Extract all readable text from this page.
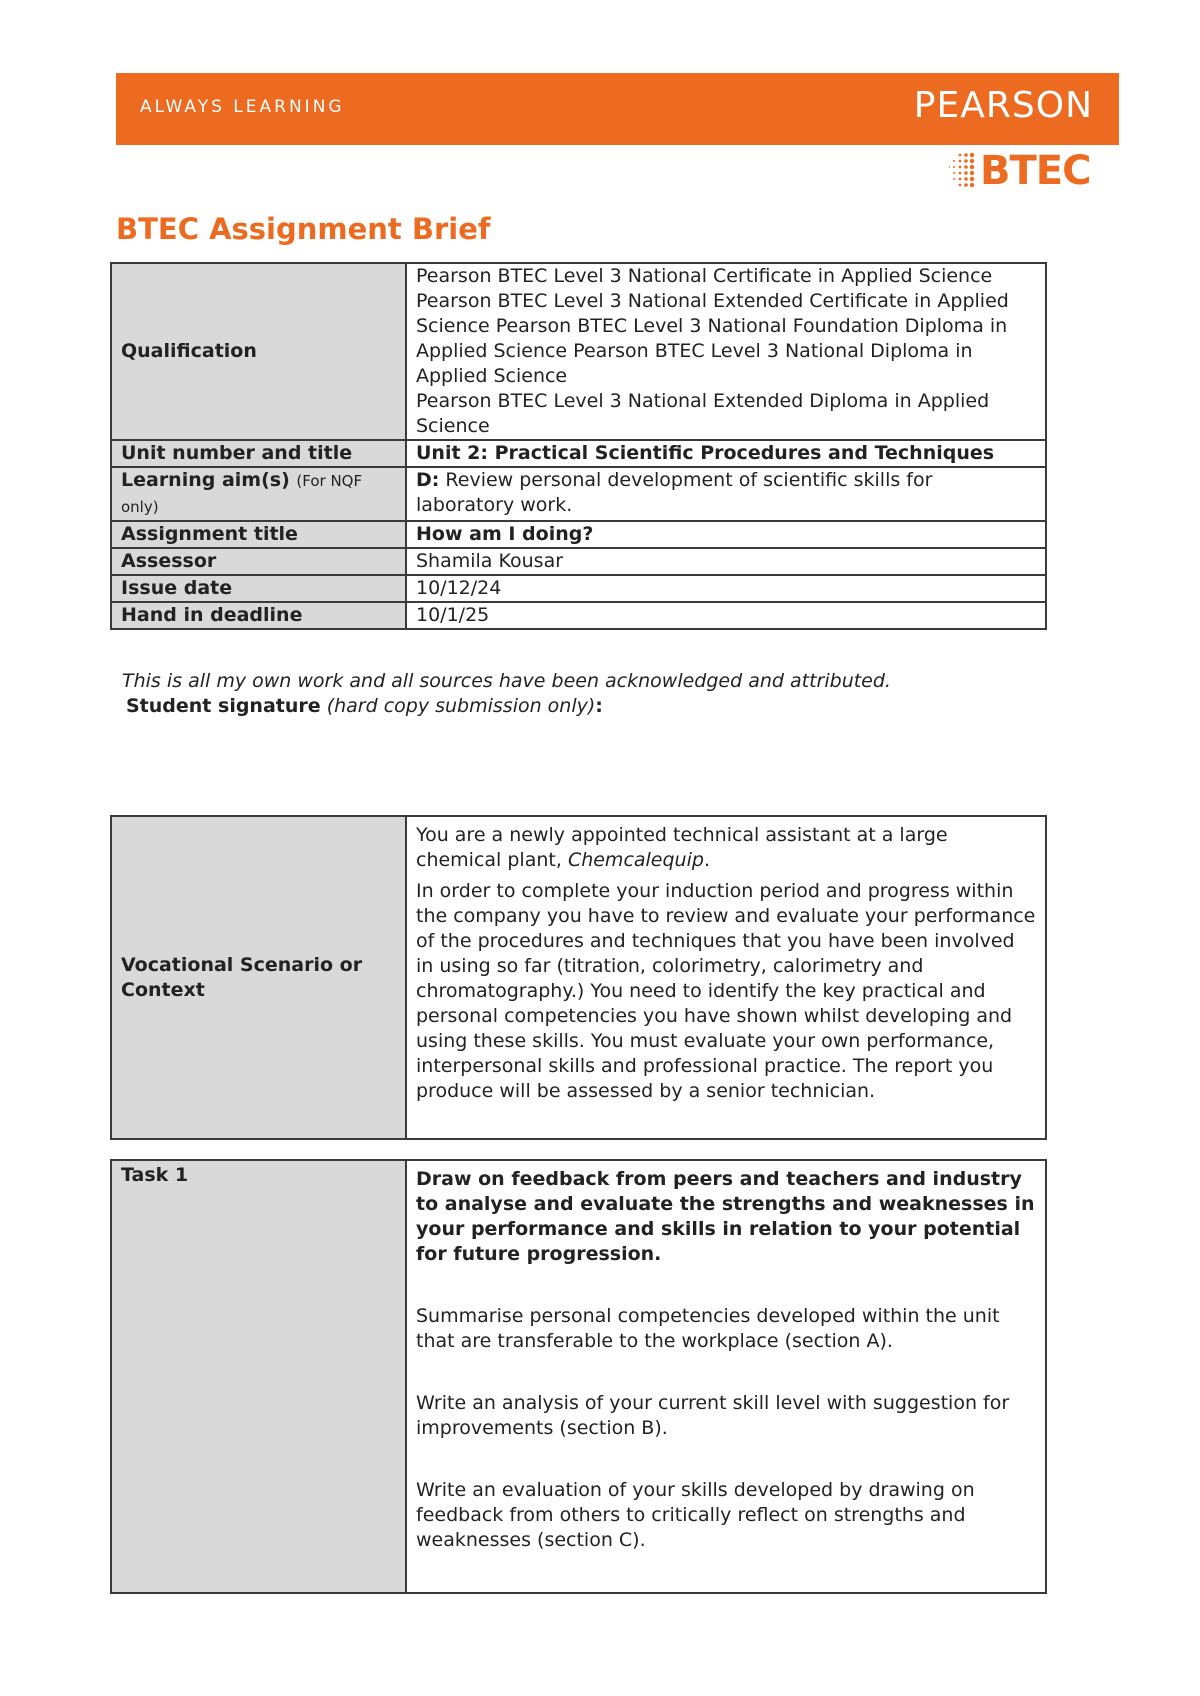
ALWAYS LEARNING	PEARSON
BTEC
BTEC Assignment Brief
Qualification	Pearson BTEC Level 3 National Certificate in Applied Science
Pearson BTEC Level 3 National Extended Certificate in Applied Science Pearson BTEC Level 3 National Foundation Diploma in Applied Science Pearson BTEC Level 3 National Diploma in Applied Science
Pearson BTEC Level 3 National Extended Diploma in Applied Science

Unit number and title	Unit 2: Practical Scientific Procedures and Techniques
Learning aim(s) (For NQF only)	D: Review personal development of scientific skills for laboratory work.
Assignment title	How am I doing?
Assessor	Shamila Kousar
Issue date	10/12/24
Hand in deadline	10/1/25
This is all my own work and all sources have been acknowledged and attributed.
Student signature (hard copy submission only):
Vocational Scenario or Context	

You are a newly appointed technical assistant at a large chemical plant, Chemcalequip.

In order to complete your induction period and progress within the company you have to review and evaluate your performance of the procedures and techniques that you have been involved in using so far (titration, colorimetry, calorimetry and chromatography.) You need to identify the key practical and personal competencies you have shown whilst developing and using these skills. You must evaluate your own performance, interpersonal skills and professional practice. The report you produce will be assessed by a senior technician.

Task 1	Draw on feedback from peers and teachers and industry to analyse and evaluate the strengths and weaknesses in your performance and skills in relation to your potential for future progression.

Summarise personal competencies developed within the unit that are transferable to the workplace (section A).

Write an analysis of your current skill level with suggestion for improvements (section B).

Write an evaluation of your skills developed by drawing on feedback from others to critically reflect on strengths and weaknesses (section C).
